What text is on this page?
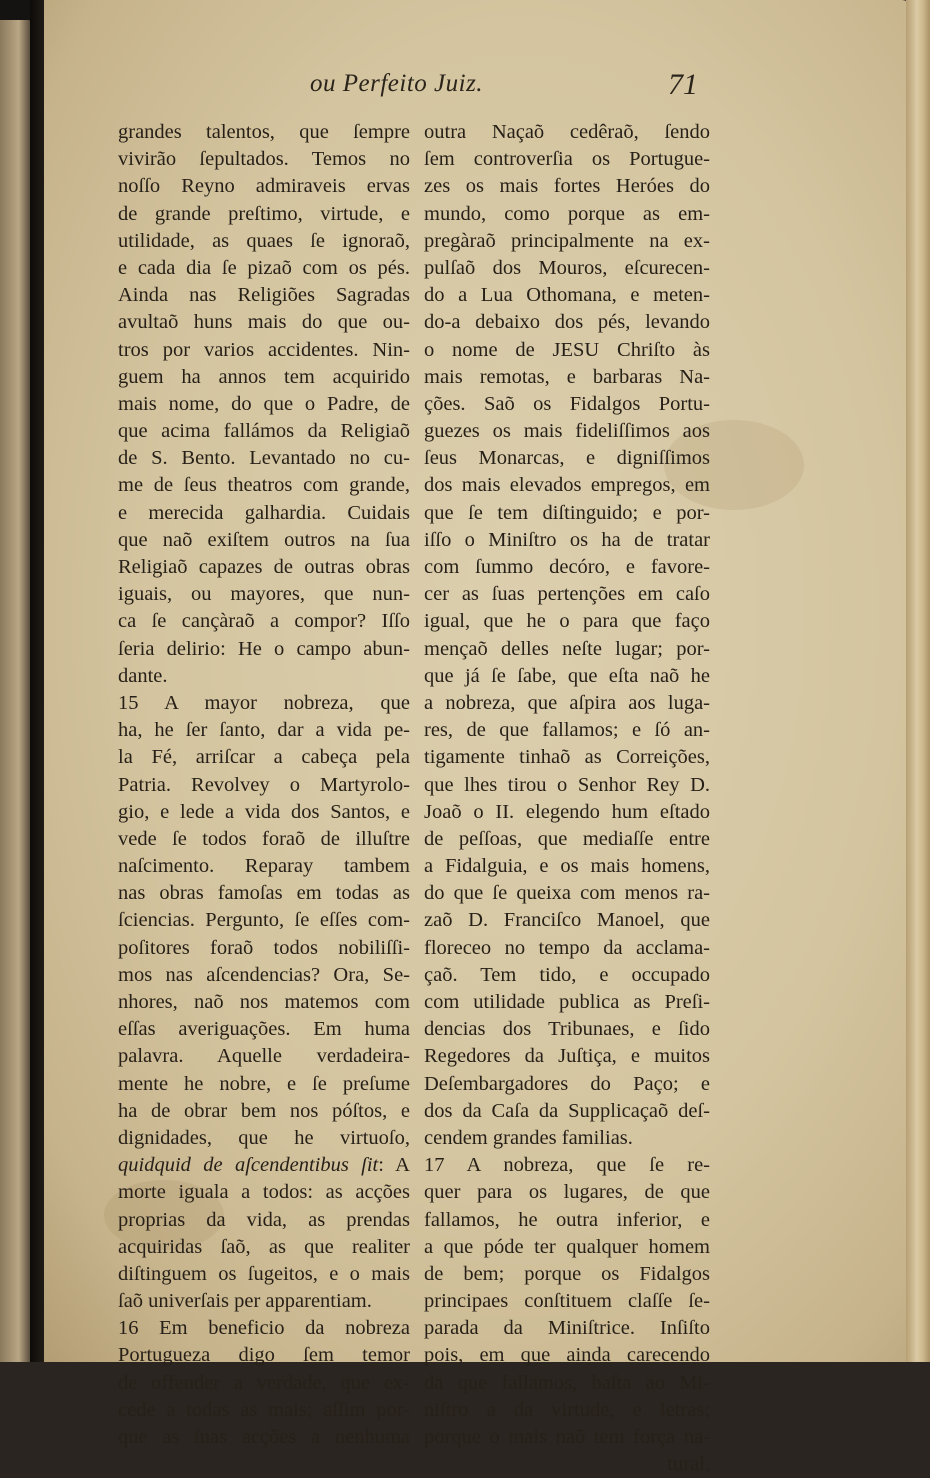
ou Perfeito Juiz.	71
grandes talentos, que ſempre
vivirão ſepultados. Temos no
noſſo Reyno admiraveis ervas
de grande preſtimo, virtude, e
utilidade, as quaes ſe ignoraõ,
e cada dia ſe pizaõ com os pés.
Ainda nas Religiões Sagradas
avultaõ huns mais do que ou-
tros por varios accidentes. Nin-
guem ha annos tem acquirido
mais nome, do que o Padre, de
que acima fallámos da Religiaõ
de S. Bento. Levantado no cu-
me de ſeus theatros com grande,
e merecida galhardia. Cuidais
que naõ exiſtem outros na ſua
Religiaõ capazes de outras obras
iguais, ou mayores, que nun-
ca ſe cançàraõ a compor? Iſſo
ſeria delirio: He o campo abun-
dante.
15 A mayor nobreza, que
ha, he ſer ſanto, dar a vida pe-
la Fé, arriſcar a cabeça pela
Patria. Revolvey o Martyrolo-
gio, e lede a vida dos Santos, e
vede ſe todos foraõ de illuſtre
naſcimento. Reparay tambem
nas obras famoſas em todas as
ſciencias. Pergunto, ſe eſſes com-
poſitores foraõ todos nobiliſſi-
mos nas aſcendencias? Ora, Se-
nhores, naõ nos matemos com
eſſas averiguações. Em huma
palavra. Aquelle verdadeira-
mente he nobre, e ſe preſume
ha de obrar bem nos póſtos, e
dignidades, que he virtuoſo,
quidquid de aſcendentibus ſit: A
morte iguala a todos: as acções
proprias da vida, as prendas
acquiridas ſaõ, as que realiter
diſtinguem os ſugeitos, e o mais
ſaõ univerſais per apparentiam.
16 Em beneficio da nobreza
Portugueza digo ſem temor
de offender a verdade, que ex-
cede a todas as mais; aſſim por-
que as ſuas acções a nenhuma
outra Naçaõ cedêraõ, ſendo
ſem controverſia os Portugue-
zes os mais fortes Heróes do
mundo, como porque as em-
pregàraõ principalmente na ex-
pulſaõ dos Mouros, eſcurecen-
do a Lua Othomana, e meten-
do-a debaixo dos pés, levando
o nome de JESU Chriſto às
mais remotas, e barbaras Na-
ções. Saõ os Fidalgos Portu-
guezes os mais fideliſſimos aos
ſeus Monarcas, e digniſſimos
dos mais elevados empregos, em
que ſe tem diſtinguido; e por-
iſſo o Miniſtro os ha de tratar
com ſummo decóro, e favore-
cer as ſuas pertenções em caſo
igual, que he o para que faço
mençaõ delles neſte lugar; por-
que já ſe ſabe, que eſta naõ he
a nobreza, que aſpira aos luga-
res, de que fallamos; e ſó an-
tigamente tinhaõ as Correições,
que lhes tirou o Senhor Rey D.
Joaõ o II. elegendo hum eſtado
de peſſoas, que mediaſſe entre
a Fidalguia, e os mais homens,
do que ſe queixa com menos ra-
zaõ D. Franciſco Manoel, que
floreceo no tempo da acclama-
çaõ. Tem tido, e occupado
com utilidade publica as Preſi-
dencias dos Tribunaes, e ſido
Regedores da Juſtiça, e muitos
Deſembargadores do Paço; e
dos da Caſa da Supplicaçaõ deſ-
cendem grandes familias.
17 A nobreza, que ſe re-
quer para os lugares, de que
fallamos, he outra inferior, e
a que póde ter qualquer homem
de bem; porque os Fidalgos
principaes conſtituem claſſe ſe-
parada da Miniſtrice. Inſiſto
pois, em que ainda carecendo
da que fallamos, baſta ao Mi-
niſtro a da virtude, e letras;
porque o mais naõ tem força na-
tural,
